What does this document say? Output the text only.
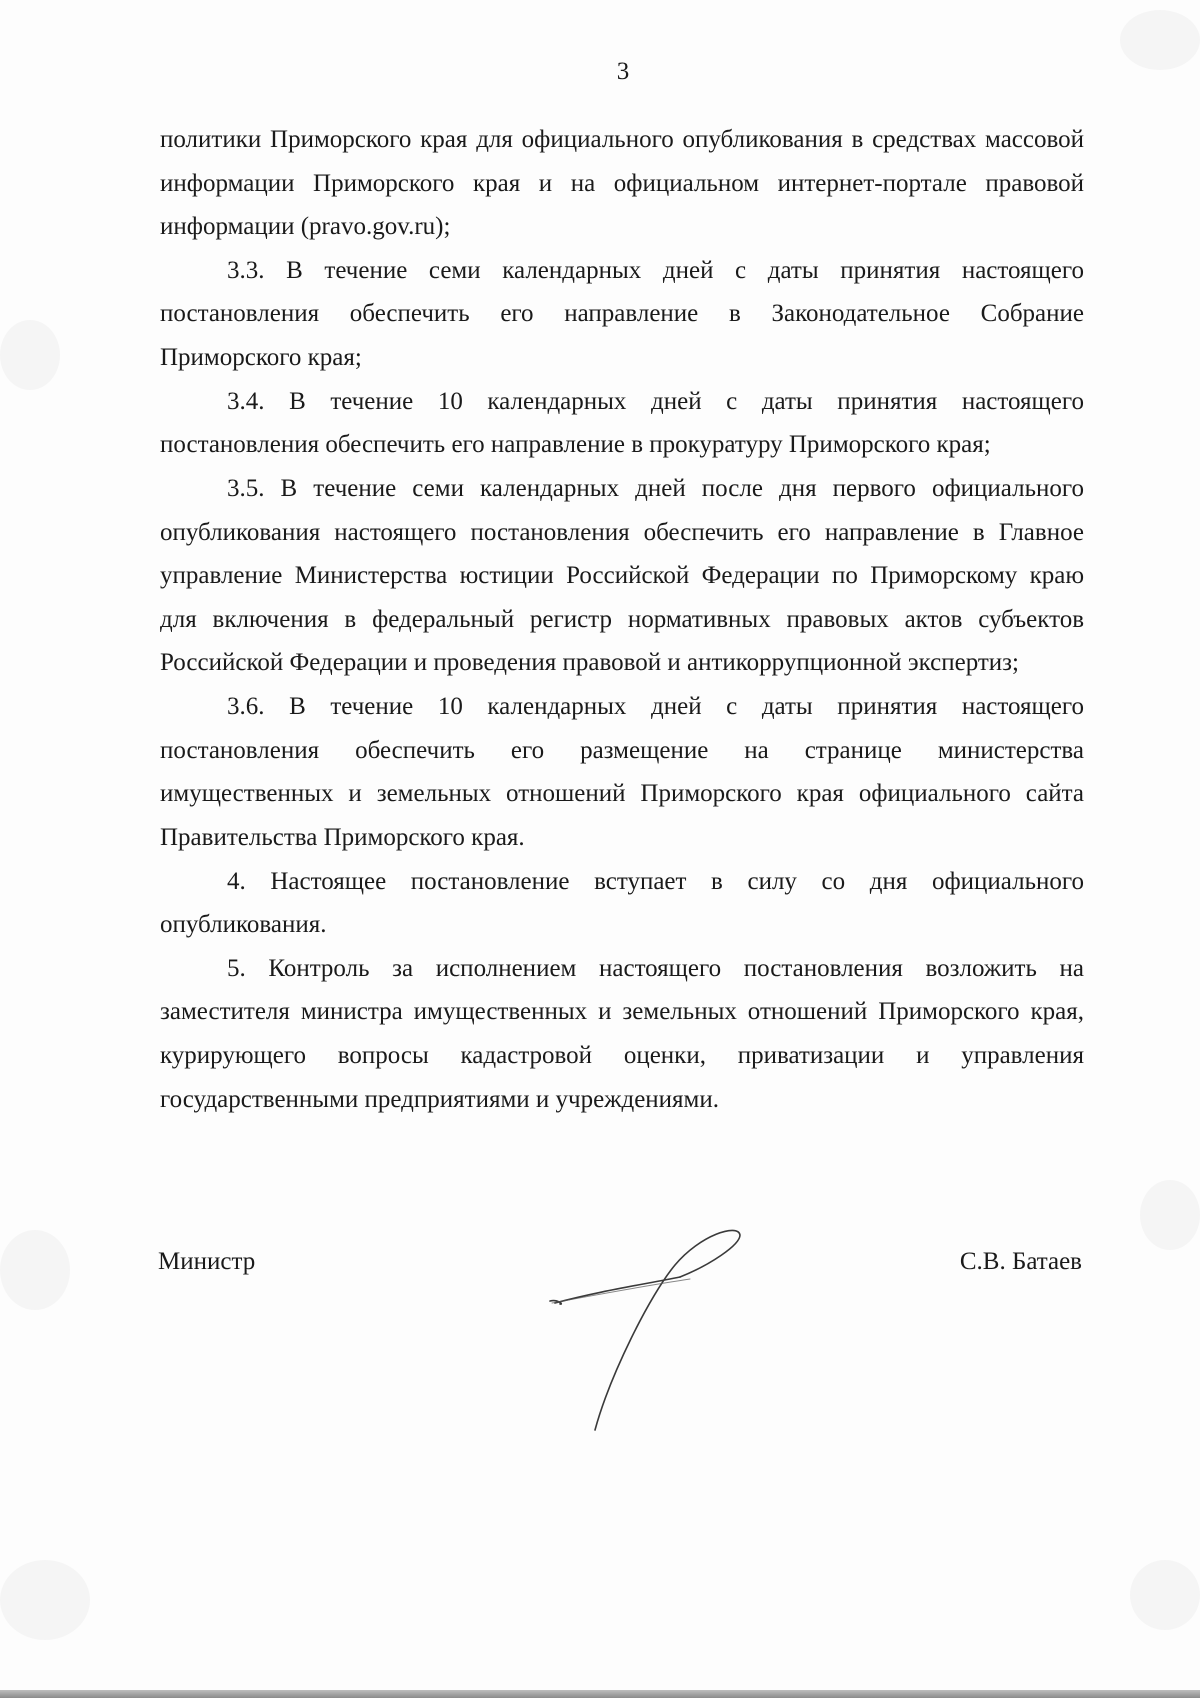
3

политики Приморского края для официального опубликования в средствах массовой информации Приморского края и на официальном интернет-портале правовой информации (pravo.gov.ru);

3.3. В течение семи календарных дней с даты принятия настоящего постановления обеспечить его направление в Законодательное Собрание Приморского края;

3.4. В течение 10 календарных дней с даты принятия настоящего постановления обеспечить его направление в прокуратуру Приморского края;

3.5. В течение семи календарных дней после дня первого официального опубликования настоящего постановления обеспечить его направление в Главное управление Министерства юстиции Российской Федерации по Приморскому краю для включения в федеральный регистр нормативных правовых актов субъектов Российской Федерации и проведения правовой и антикоррупционной экспертиз;

3.6. В течение 10 календарных дней с даты принятия настоящего постановления обеспечить его размещение на странице министерства имущественных и земельных отношений Приморского края официального сайта Правительства Приморского края.

4. Настоящее постановление вступает в силу со дня официального опубликования.

5. Контроль за исполнением настоящего постановления возложить на заместителя министра имущественных и земельных отношений Приморского края, курирующего вопросы кадастровой оценки, приватизации и управления государственными предприятиями и учреждениями.

Министр	С.В. Батаев
